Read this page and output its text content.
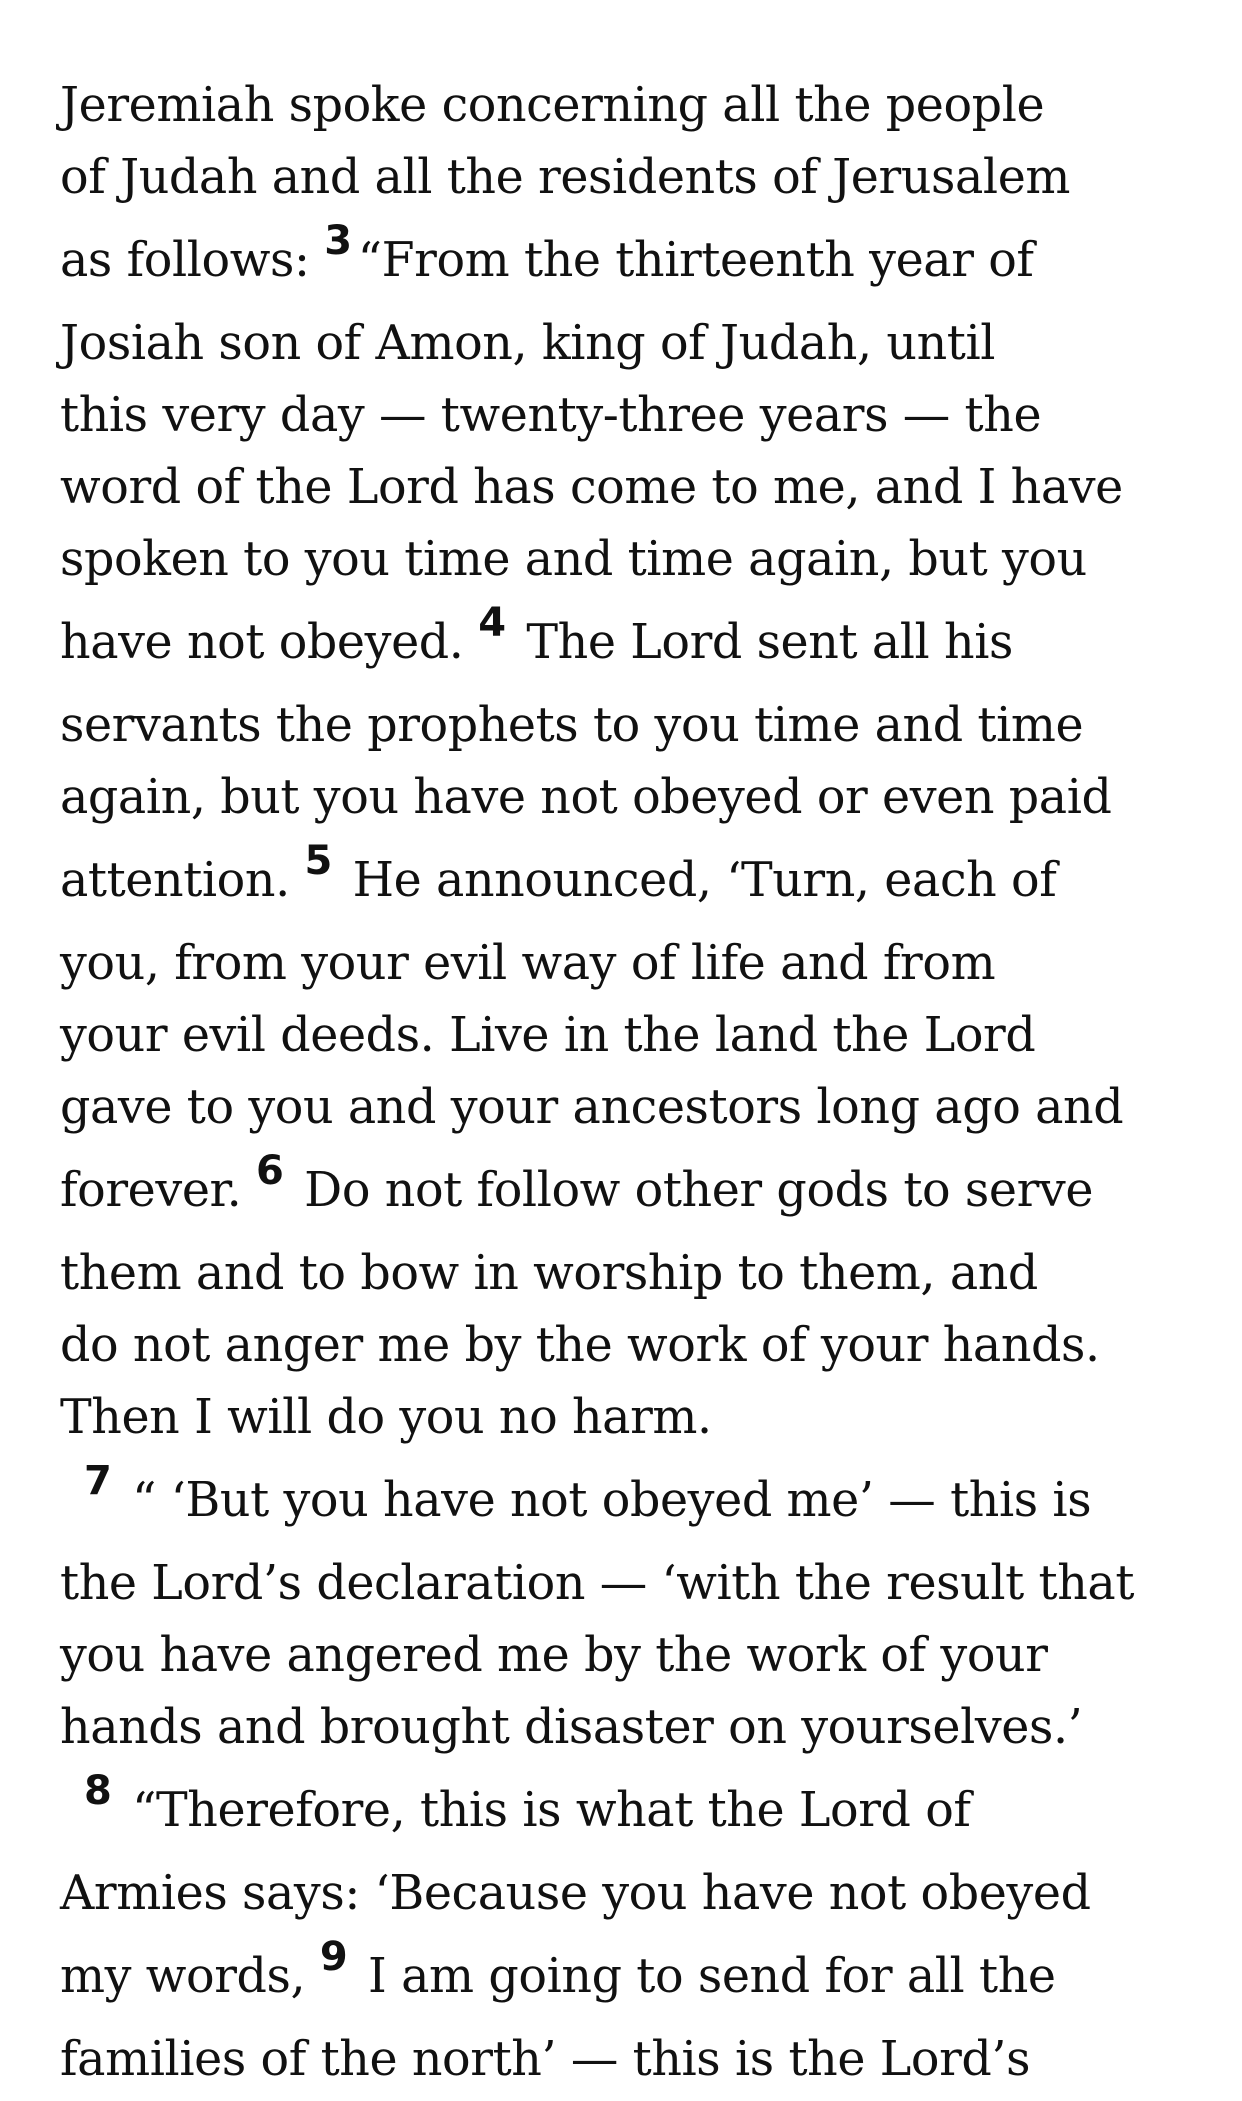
Jeremiah spoke concerning all the people
of Judah and all the residents of Jerusalem
as follows: $^3$ “From the thirteenth year of
Josiah son of Amon, king of Judah, until
this very day — twenty-three years — the
word of the Lord has come to me, and I have
spoken to you time and time again, but you
have not obeyed. $^4$ The Lord sent all his
servants the prophets to you time and time
again, but you have not obeyed or even paid
attention. $^5$ He announced, ‘Turn, each of
you, from your evil way of life and from
your evil deeds. Live in the land the Lord
gave to you and your ancestors long ago and
forever. $^6$ Do not follow other gods to serve
them and to bow in worship to them, and
do not anger me by the work of your hands.
Then I will do you no harm.
$^7$ “ ‘But you have not obeyed me’ — this is
the Lord’s declaration — ‘with the result that
you have angered me by the work of your
hands and brought disaster on yourselves.’
$^8$ “Therefore, this is what the Lord of
Armies says: ‘Because you have not obeyed
my words, $^9$ I am going to send for all the
families of the north’ — this is the Lord’s
